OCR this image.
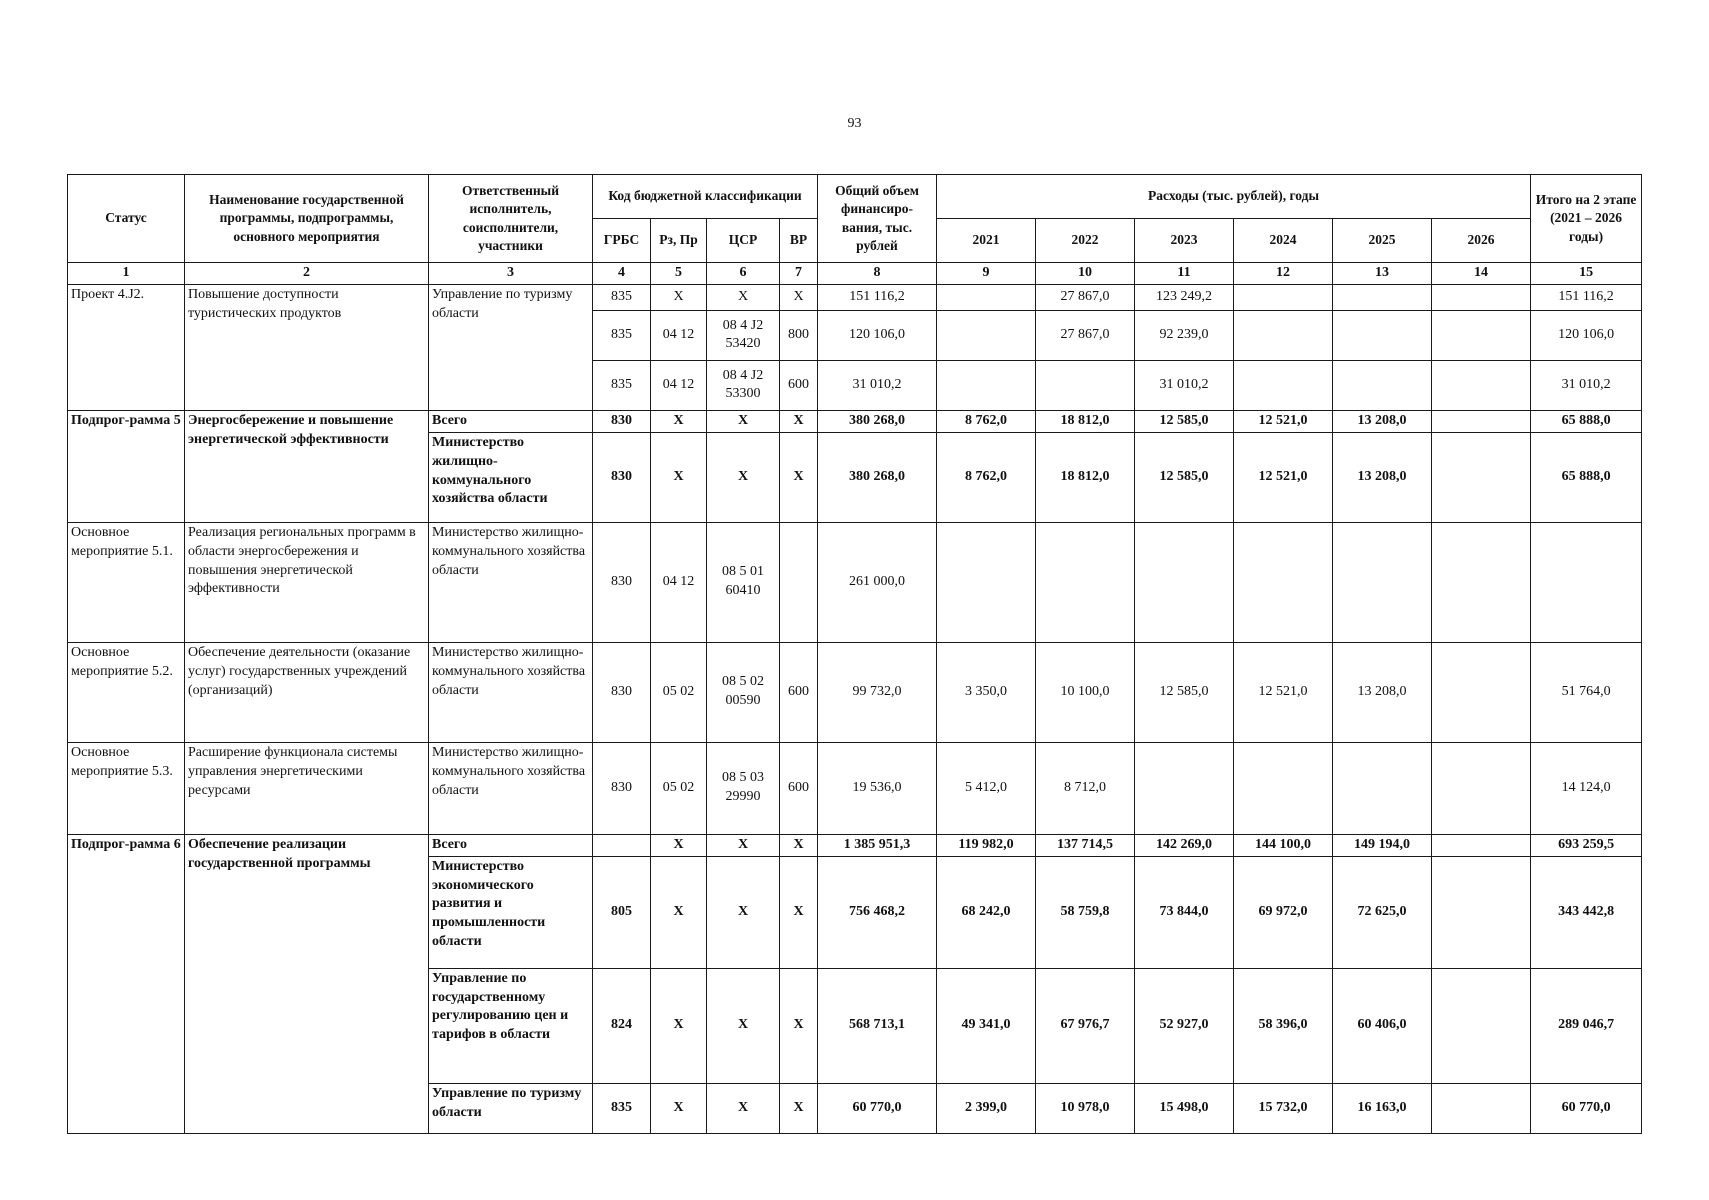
93
Статус	Наименование государственной программы, подпрограммы, основного мероприятия	Ответственный исполнитель, соисполнители, участники	Код бюджетной классификации				Общий объем финансиро-вания, тыс. рублей	Расходы (тыс. рублей), годы						Итого на 2 этапе (2021 – 2026 годы)
			ГРБС	Рз, Пр	ЦСР	ВР		2021	2022	2023	2024	2025	2026	
1	2	3	4	5	6	7	8	9	10	11	12	13	14	15
Проект 4.J2.	Повышение доступности туристических продуктов	Управление по туризму области	835	X	X	X	151 116,2		27 867,0	123 249,2				151 116,2
			835	04 12	08 4 J2 53420	800	120 106,0		27 867,0	92 239,0				120 106,0
			835	04 12	08 4 J2 53300	600	31 010,2			31 010,2				31 010,2
Подпрог-рамма 5	Энергосбережение и повышение энергетической эффективности	Всего	830	X	X	X	380 268,0	8 762,0	18 812,0	12 585,0	12 521,0	13 208,0		65 888,0
		Министерство жилищно-коммунального хозяйства области	830	X	X	X	380 268,0	8 762,0	18 812,0	12 585,0	12 521,0	13 208,0		65 888,0
Основное мероприятие 5.1.	Реализация региональных программ в области энергосбережения и повышения энергетической эффективности	Министерство жилищно-коммунального хозяйства области	830	04 12	08 5 01 60410		261 000,0							
Основное мероприятие 5.2.	Обеспечение деятельности (оказание услуг) государственных учреждений (организаций)	Министерство жилищно-коммунального хозяйства области	830	05 02	08 5 02 00590	600	99 732,0	3 350,0	10 100,0	12 585,0	12 521,0	13 208,0		51 764,0
Основное мероприятие 5.3.	Расширение функционала системы управления энергетическими ресурсами	Министерство жилищно-коммунального хозяйства области	830	05 02	08 5 03 29990	600	19 536,0	5 412,0	8 712,0					14 124,0
Подпрог-рамма 6	Обеспечение реализации государственной программы	Всего		X	X	X	1 385 951,3	119 982,0	137 714,5	142 269,0	144 100,0	149 194,0		693 259,5
		Министерство экономического развития и промышленности области	805	X	X	X	756 468,2	68 242,0	58 759,8	73 844,0	69 972,0	72 625,0		343 442,8
		Управление по государственному регулированию цен и тарифов в области	824	X	X	X	568 713,1	49 341,0	67 976,7	52 927,0	58 396,0	60 406,0		289 046,7
		Управление по туризму области	835	X	X	X	60 770,0	2 399,0	10 978,0	15 498,0	15 732,0	16 163,0		60 770,0
